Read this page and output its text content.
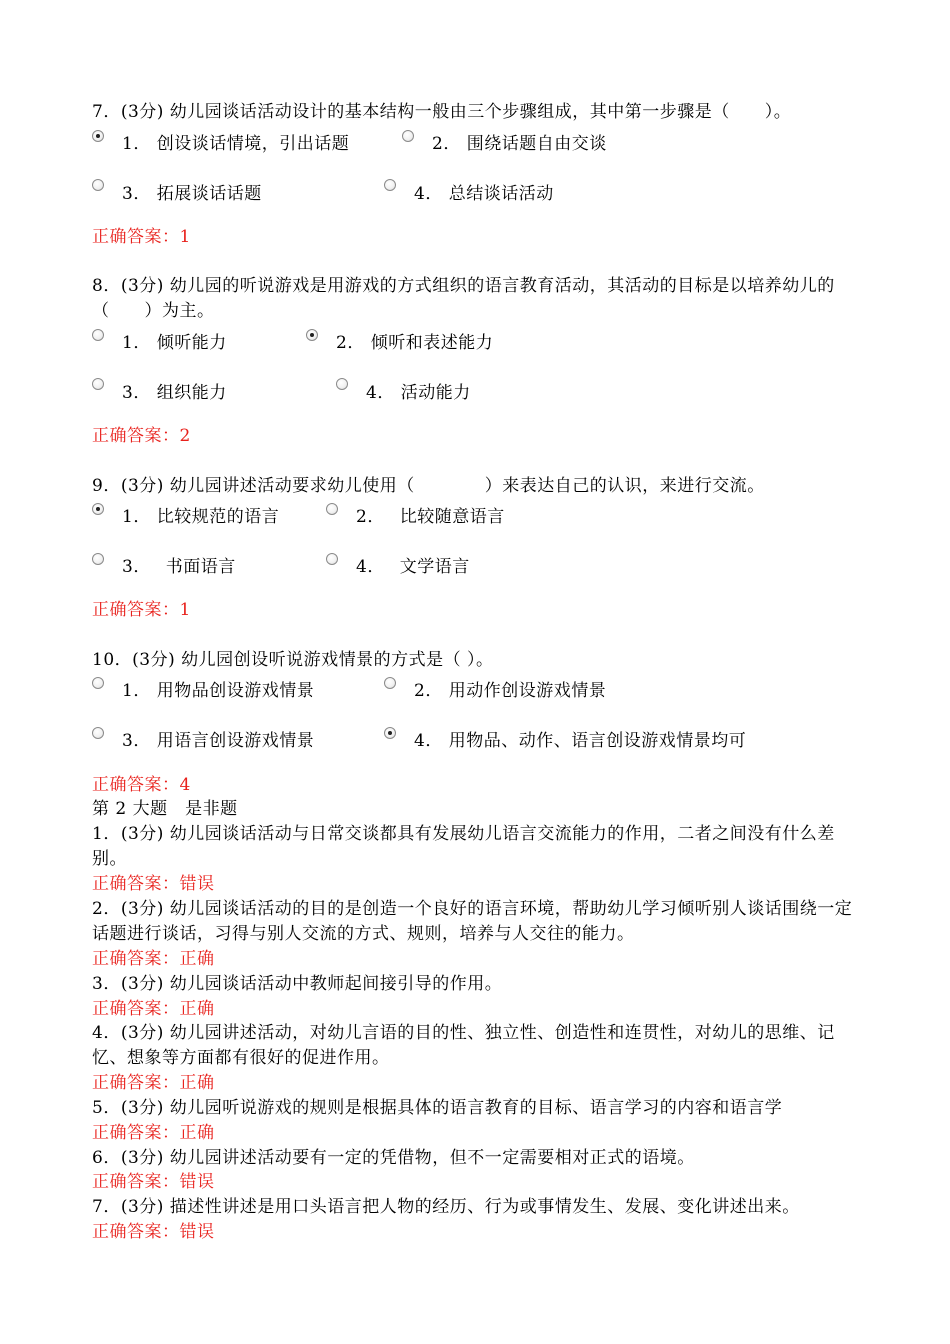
7．(3分) 幼儿园谈话活动设计的基本结构一般由三个步骤组成，其中第一步骤是（　　）。
1． 创设谈话情境，引出话题	2． 围绕话题自由交谈
3． 拓展谈话话题	4． 总结谈话活动
正确答案：1
8．(3分) 幼儿园的听说游戏是用游戏的方式组织的语言教育活动，其活动的目标是以培养幼儿的（　　）为主。
1． 倾听能力	2． 倾听和表述能力
3． 组织能力	4． 活动能力
正确答案：2
9．(3分) 幼儿园讲述活动要求幼儿使用（　　　　）来表达自己的认识，来进行交流。
1． 比较规范的语言	2．　 比较随意语言
3．　 书面语言	4．　 文学语言
正确答案：1
10．(3分) 幼儿园创设听说游戏情景的方式是（ ）。
1． 用物品创设游戏情景	2． 用动作创设游戏情景
3． 用语言创设游戏情景	4． 用物品、动作、语言创设游戏情景均可
正确答案：4
第 2 大题　是非题
1．(3分) 幼儿园谈话活动与日常交谈都具有发展幼儿语言交流能力的作用，二者之间没有什么差别。
正确答案：错误
2．(3分) 幼儿园谈话活动的目的是创造一个良好的语言环境，帮助幼儿学习倾听别人谈话围绕一定话题进行谈话，习得与别人交流的方式、规则，培养与人交往的能力。
正确答案：正确
3．(3分) 幼儿园谈话活动中教师起间接引导的作用。
正确答案：正确
4．(3分) 幼儿园讲述活动，对幼儿言语的目的性、独立性、创造性和连贯性，对幼儿的思维、记忆、想象等方面都有很好的促进作用。
正确答案：正确
5．(3分) 幼儿园听说游戏的规则是根据具体的语言教育的目标、语言学习的内容和语言学
正确答案：正确
6．(3分) 幼儿园讲述活动要有一定的凭借物，但不一定需要相对正式的语境。
正确答案：错误
7．(3分) 描述性讲述是用口头语言把人物的经历、行为或事情发生、发展、变化讲述出来。
正确答案：错误
